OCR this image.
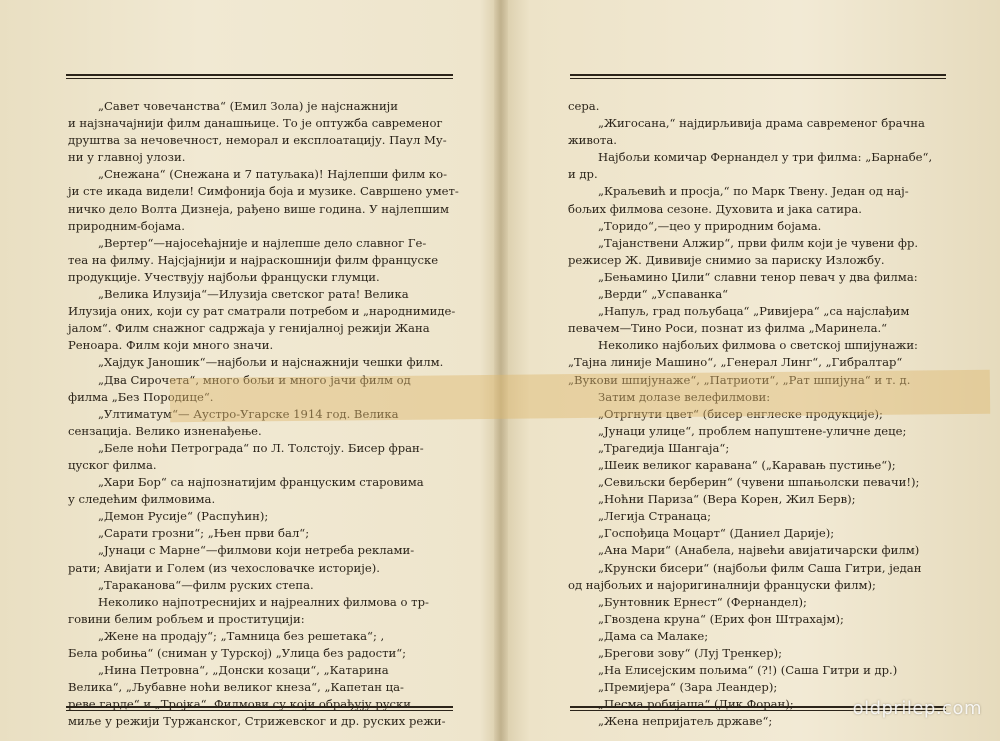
„Савет човечанства“ (Емил Зола) је најснажнији

и најзначајнији филм данашњице. То је оптужба савременог

друштва за нечовечност, неморал и експлоатацију. Паул Му-

ни у главној улози.

„Снежана“ (Снежана и 7 патуљака)! Најлепши филм ко-

ји сте икада видели! Симфонија боја и музике. Савршено умет-

ничко дело Волта Дизнеја, рађено више година. У најлепшим

природним-бојама.

„Вертер“—најосећајније и најлепше дело славног Ге-

теа на филму. Најсјајнији и најраскошнији филм француске

продукције. Учествују најбољи француски глумци.

„Велика Илузија“—Илузија светског рата! Велика

Илузија оних, који су рат сматрали потребом и „народнимиде-

јалом“. Филм снажног садржаја у генијалној режији Жана

Реноара. Филм који много значи.

„Хајдук Јаношик“—најбољи и најснажнији чешки филм.

„Два Сирочета“, много бољи и много јачи филм од

филма „Без Породице“.

„Ултиматум“— Аустро-Угарске 1914 год. Велика

сензација. Велико изненађење.

„Беле ноћи Петрограда“ по Л. Толстоју. Бисер фран-

цуског филма.

„Хари Бор“ са најпознатијим француским старовима

у следећим филмовима.

„Демон Русије“ (Распућин);

„Сарати грозни“; „Њен први бал“;

„Јунаци с Марне“—филмови који нетреба реклами-

рати; Авијати и Голем (из чехословачке историје).

„Тараканова“—филм руских степа.

Неколико најпотреснијих и најреалних филмова о тр-

говини белим робљем и проституцији:

„Жене на продају“; „Тамница без решетака“; ,

Бела робиња“ (сниман у Турској) „Улица без радости“;

„Нина Петровна“, „Донски козаци“, „Катарина

Велика“, „Љубавне ноћи великог кнеза“, „Капетан ца-

реве гарде“ и „Тројка“. Филмови су који обрађују руски

миље у режији Туржанског, Стрижевског и др. руских режи-

сера.

„Жигосана,“ најдирљивија драма савременог брачна

живота.

Најбољи комичар Фернандел у три филма: „Барнабе“,

и др.

„Краљевић и просја,“ по Марк Твену. Један од нај-

бољих филмова сезоне. Духовита и јака сатира.

„Торидо“,—цео у природним бојама.

„Тајанствени Алжир“, први филм који је чувени фр.

режисер Ж. Дививије снимио за париску Изложбу.

„Бењамино Џили“ славни тенор певач у два филма:

„Верди“ „Успаванка“

„Напуљ, град пољубаца“ „Ривијера“ „са најслађим

певачем—Тино Роси, познат из филма „Маринела.“

Неколико најбољих филмова о светској шпијунажи:

„Тајна линије Машино“, „Генерал Линг“, „Гибралтар“

„Вукови шпијунаже“, „Патриоти“, „Рат шпијуна“ и т. д.

Затим долазе велефилмови:

„Отргнути цвет“ (бисер енглеске продукције);

„Јунаци улице“, проблем напуштене-уличне деце;

„Трагедија Шангаја“;

„Шеик великог каравана“ („Каравањ пустиње“);

„Севиљски берберин“ (чувени шпањолски певачи!);

„Ноћни Париза“ (Вера Корен, Жил Берв);

„Легија Странаца;

„Госпођица Моцарт“ (Даниел Даријe);

„Ана Мари“ (Анабела, највећи авијатичарски филм)

„Крунски бисери“ (најбољи филм Саша Гитри, један

од најбољих и најоригиналнији француски филм);

„Бунтовник Ернест“ (Фернандел);

„Гвоздена круна“ (Ерих фон Штрахајм);

„Дама са Малаке;

„Брегови зову“ (Луј Тренкер);

„На Елисејским пољима“ (?!) (Саша Гитри и др.)

„Премијера“ (Зара Леандер);

„Песма робијаша“ (Дик Форан);

„Жена непријатељ државе“;

oldprilep.com
